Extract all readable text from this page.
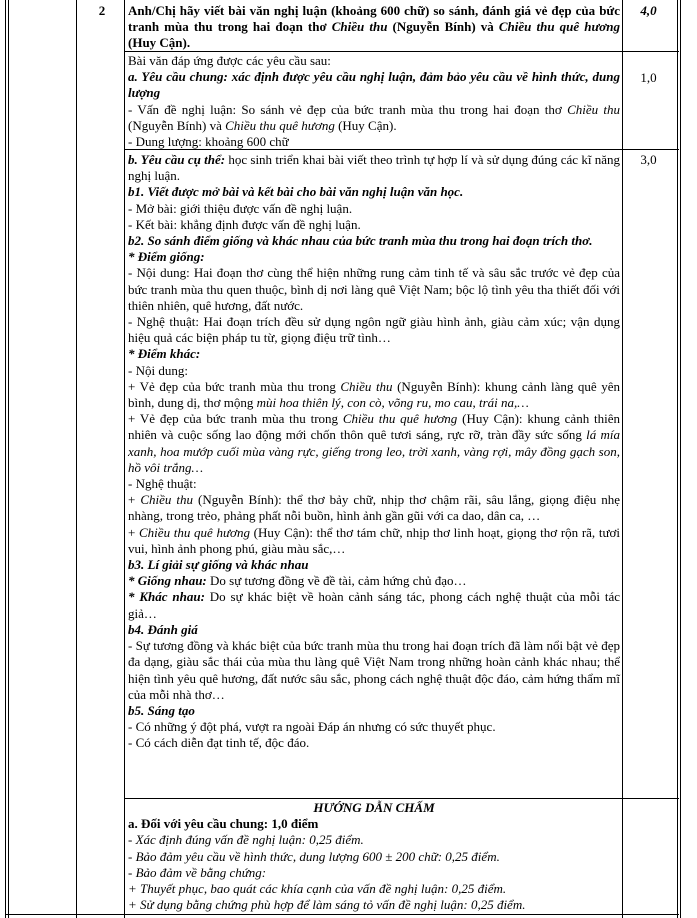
2	Anh/Chị hãy viết bài văn nghị luận (khoảng 600 chữ) so sánh, đánh giá vẻ đẹp của bức tranh mùa thu trong hai đoạn thơ Chiều thu (Nguyễn Bính) và Chiều thu quê hương (Huy Cận).
4,0

Bài văn đáp ứng được các yêu cầu sau:

a. Yêu cầu chung: xác định được yêu cầu nghị luận, đảm bảo yêu cầu về hình thức, dung lượng

- Vấn đề nghị luận: So sánh vẻ đẹp của bức tranh mùa thu trong hai đoạn thơ Chiều thu (Nguyễn Bính) và Chiều thu quê hương (Huy Cận).

- Dung lượng: khoảng 600 chữ

1,0

b. Yêu cầu cụ thể: học sinh triển khai bài viết theo trình tự hợp lí và sử dụng đúng các kĩ năng nghị luận.

b1. Viết được mở bài và kết bài cho bài văn nghị luận văn học.

- Mở bài: giới thiệu được vấn đề nghị luận.

- Kết bài: khẳng định được vấn đề nghị luận.

b2. So sánh điểm giống và khác nhau của bức tranh mùa thu trong hai đoạn trích thơ.

* Điểm giống:

- Nội dung: Hai đoạn thơ cùng thể hiện những rung cảm tinh tế và sâu sắc trước vẻ đẹp của bức tranh mùa thu quen thuộc, bình dị nơi làng quê Việt Nam; bộc lộ tình yêu tha thiết đối với thiên nhiên, quê hương, đất nước.

- Nghệ thuật: Hai đoạn trích đều sử dụng ngôn ngữ giàu hình ảnh, giàu cảm xúc; vận dụng hiệu quả các biện pháp tu từ, giọng điệu trữ tình…

* Điểm khác:

- Nội dung:

+ Vẻ đẹp của bức tranh mùa thu trong Chiều thu (Nguyễn Bính): khung cảnh làng quê yên bình, dung dị, thơ mộng mùi hoa thiên lý, con cò, võng ru, mo cau, trái na,…

+ Vẻ đẹp của bức tranh mùa thu trong Chiều thu quê hương (Huy Cận): khung cảnh thiên nhiên và cuộc sống lao động mới chốn thôn quê tươi sáng, rực rỡ, tràn đầy sức sống lá mía xanh, hoa mướp cuối mùa vàng rực, giếng trong leo, trời xanh, vàng rợi, mây đồng gạch son, hồ vôi trắng…

- Nghệ thuật:

+ Chiều thu (Nguyễn Bính): thể thơ bảy chữ, nhịp thơ chậm rãi, sâu lắng, giọng điệu nhẹ nhàng, trong trẻo, phảng phất nỗi buồn, hình ảnh gần gũi với ca dao, dân ca, …

+ Chiều thu quê hương (Huy Cận): thể thơ tám chữ, nhịp thơ linh hoạt, giọng thơ rộn rã, tươi vui, hình ảnh phong phú, giàu màu sắc,…

b3. Lí giải sự giống và khác nhau

* Giống nhau: Do sự tương đồng về đề tài, cảm hứng chủ đạo…

* Khác nhau: Do sự khác biệt về hoàn cảnh sáng tác, phong cách nghệ thuật của mỗi tác giả…

b4. Đánh giá

- Sự tương đồng và khác biệt của bức tranh mùa thu trong hai đoạn trích đã làm nổi bật vẻ đẹp đa dạng, giàu sắc thái của mùa thu làng quê Việt Nam trong những hoàn cảnh khác nhau; thể hiện tình yêu quê hương, đất nước sâu sắc, phong cách nghệ thuật độc đáo, cảm hứng thẩm mĩ của mỗi nhà thơ…

b5. Sáng tạo

- Có những ý đột phá, vượt ra ngoài Đáp án nhưng có sức thuyết phục.

- Có cách diễn đạt tinh tế, độc đáo.

3,0

HƯỚNG DẪN CHẤM

a. Đối với yêu cầu chung: 1,0 điểm

- Xác định đúng vấn đề nghị luận: 0,25 điểm.

- Bảo đảm yêu cầu về hình thức, dung lượng 600 ± 200 chữ: 0,25 điểm.

- Bảo đảm về bằng chứng:

+ Thuyết phục, bao quát các khía cạnh của vấn đề nghị luận: 0,25 điểm.

+ Sử dụng bằng chứng phù hợp để làm sáng tỏ vấn đề nghị luận: 0,25 điểm.
